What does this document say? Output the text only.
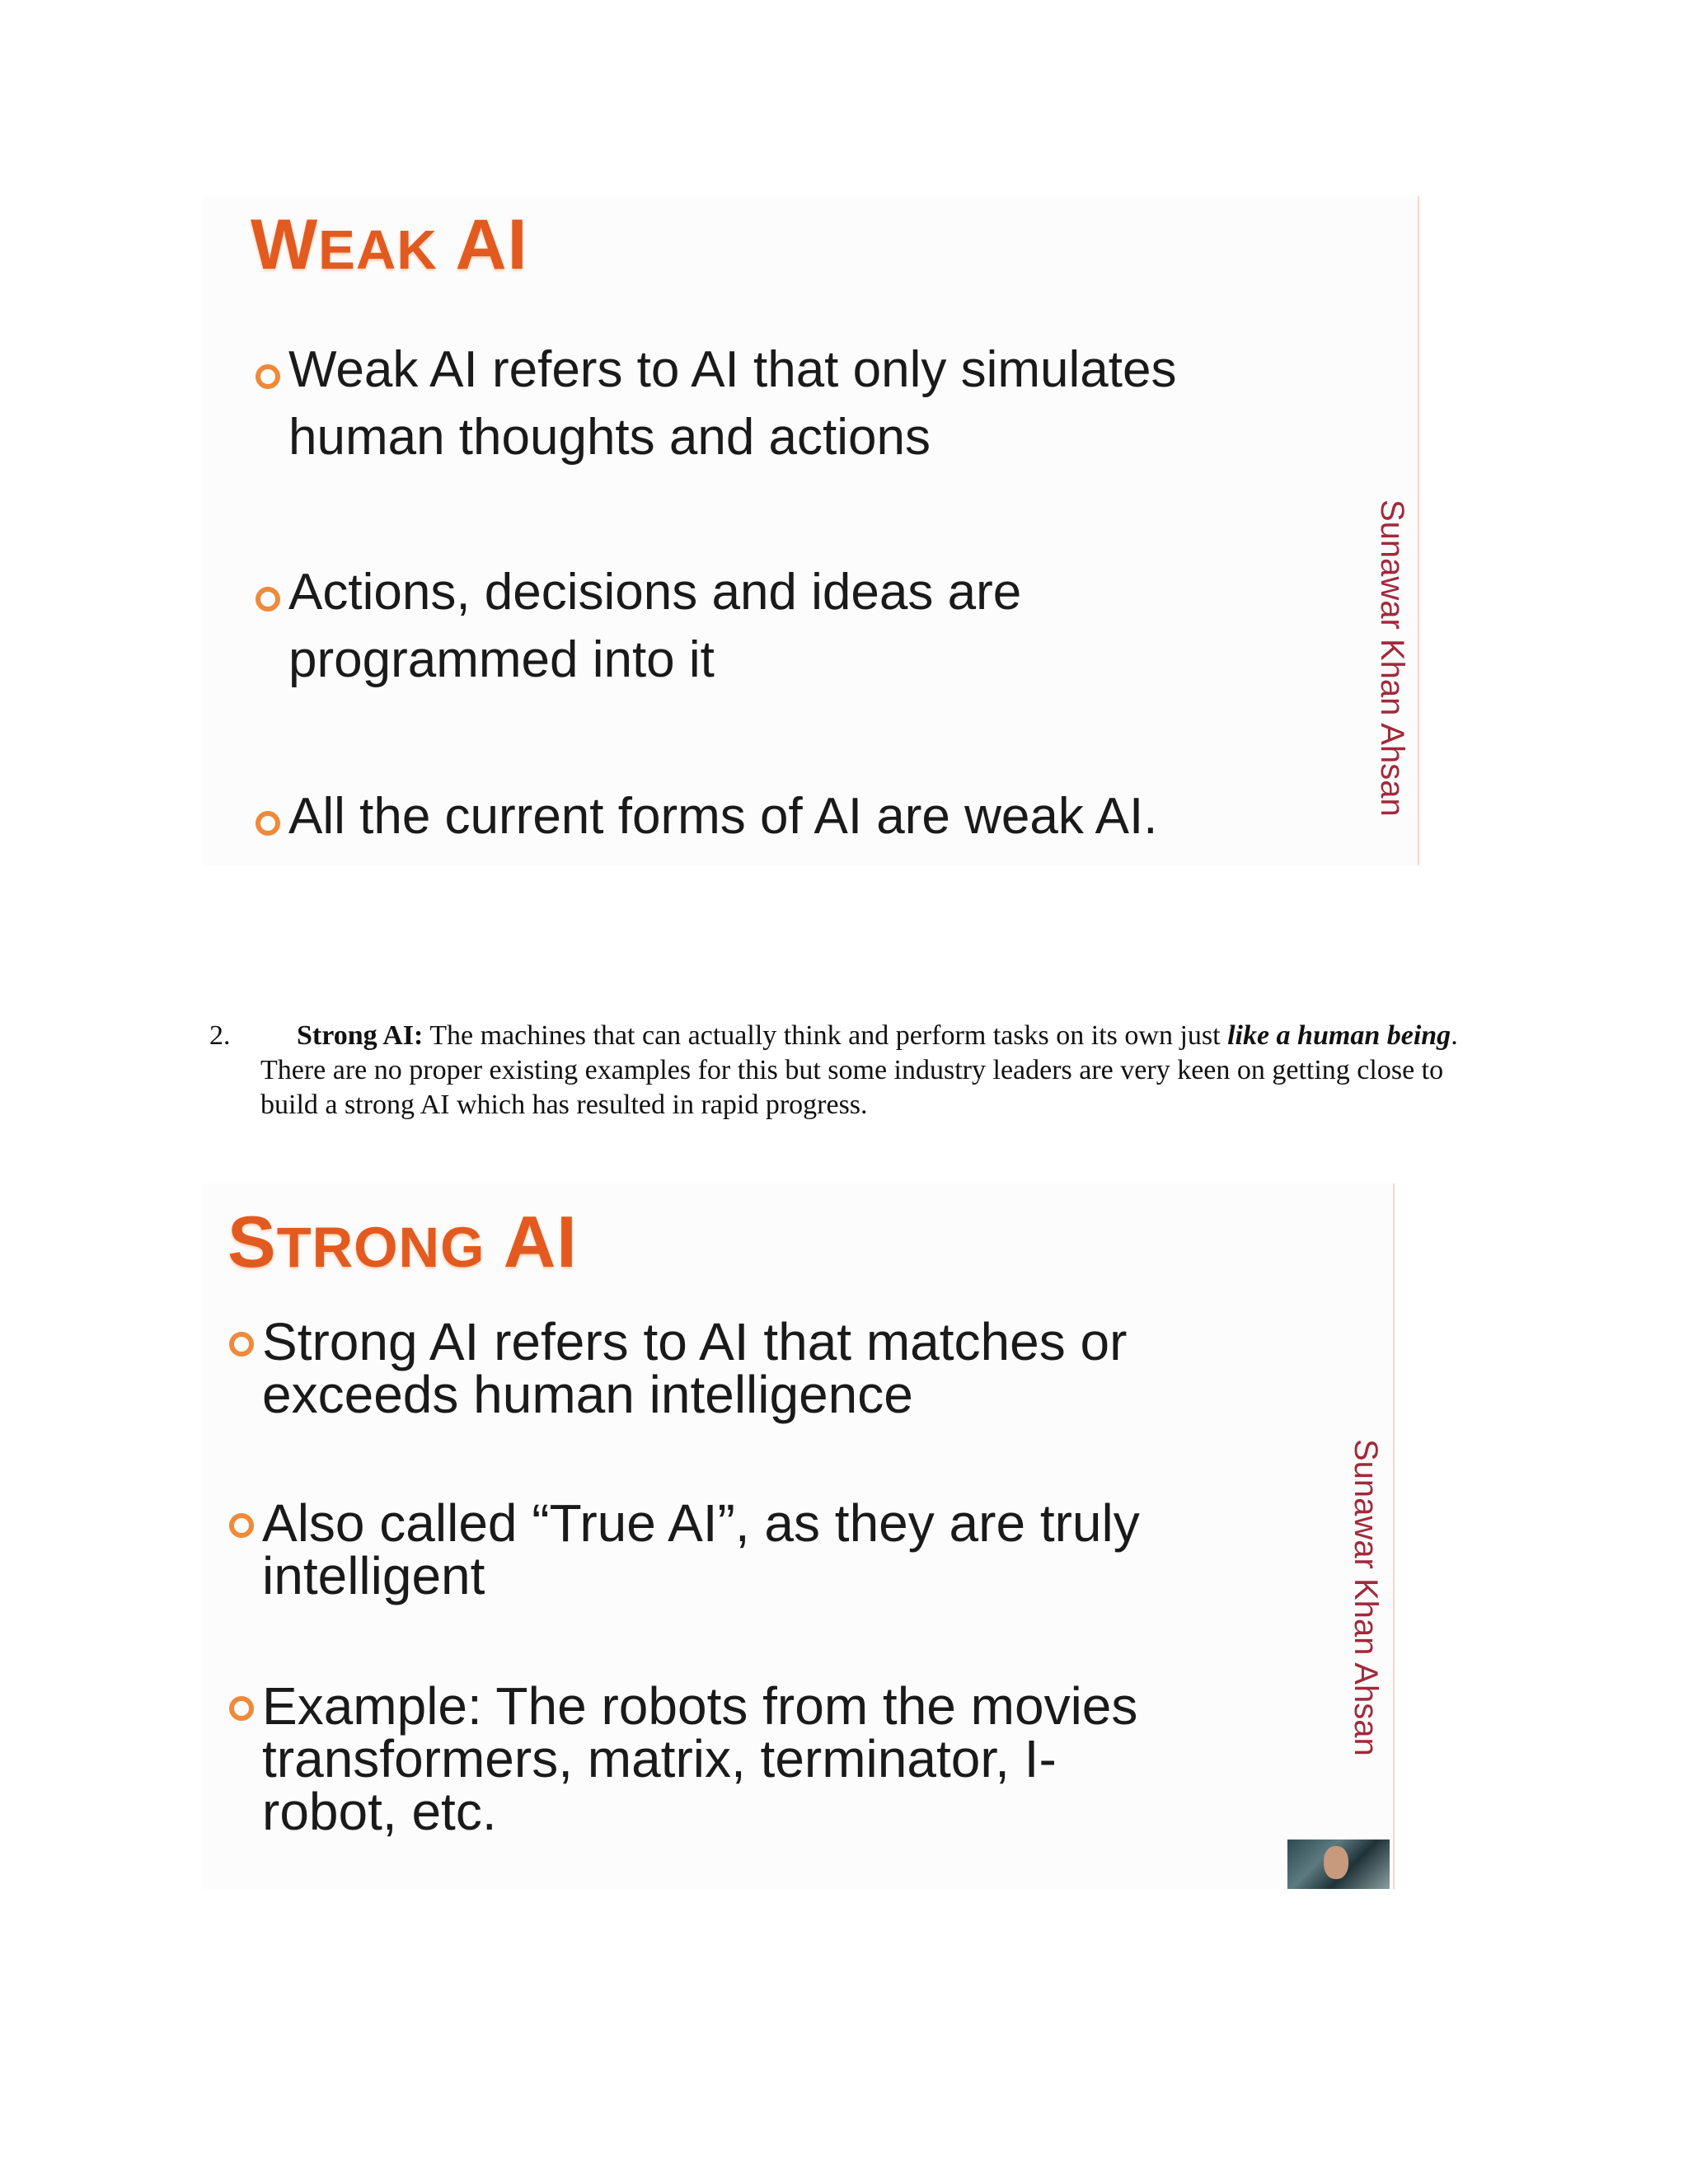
WEAK AI
Weak AI refers to AI that only simulates
human thoughts and actions
Actions, decisions and ideas are
programmed into it
All the current forms of AI are weak AI.	Sunawar Khan Ahsan
2.	Strong AI: The machines that can actually think and perform tasks on its own just like a human being. There are no proper existing examples for this but some industry leaders are very keen on getting close to build a strong AI which has resulted in rapid progress.
STRONG AI
Strong AI refers to AI that matches or
exceeds human intelligence
Also called “True AI”, as they are truly
intelligent
Example: The robots from the movies
transformers, matrix, terminator, I-
robot, etc.
Sunawar Khan Ahsan
